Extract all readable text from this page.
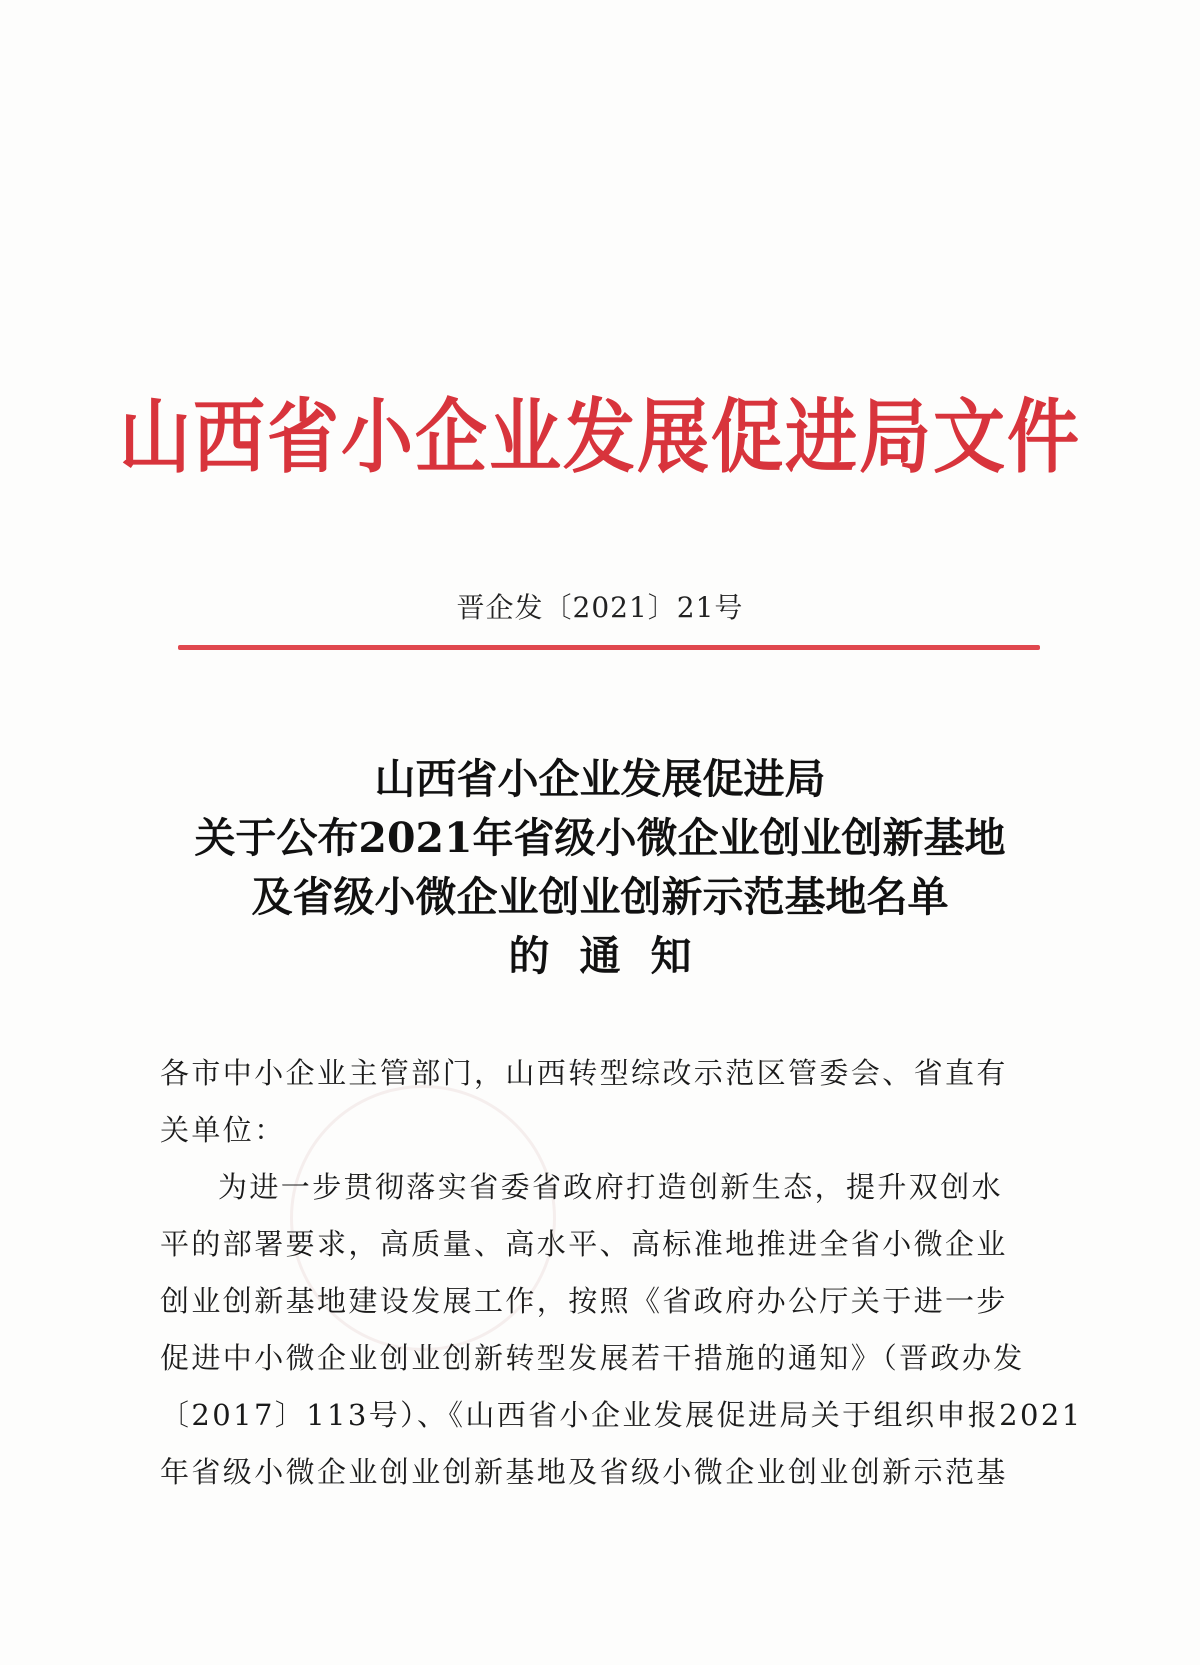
山西省小企业发展促进局文件
晋企发〔2021〕21号
山西省小企业发展促进局
关于公布2021年省级小微企业创业创新基地
及省级小微企业创业创新示范基地名单
的通知

各市中小企业主管部门，山西转型综改示范区管委会、省直有
关单位：

为进一步贯彻落实省委省政府打造创新生态，提升双创水
平的部署要求，高质量、高水平、高标准地推进全省小微企业
创业创新基地建设发展工作，按照《省政府办公厅关于进一步
促进中小微企业创业创新转型发展若干措施的通知》（晋政办发
〔2017〕113号）、《山西省小企业发展促进局关于组织申报2021
年省级小微企业创业创新基地及省级小微企业创业创新示范基
